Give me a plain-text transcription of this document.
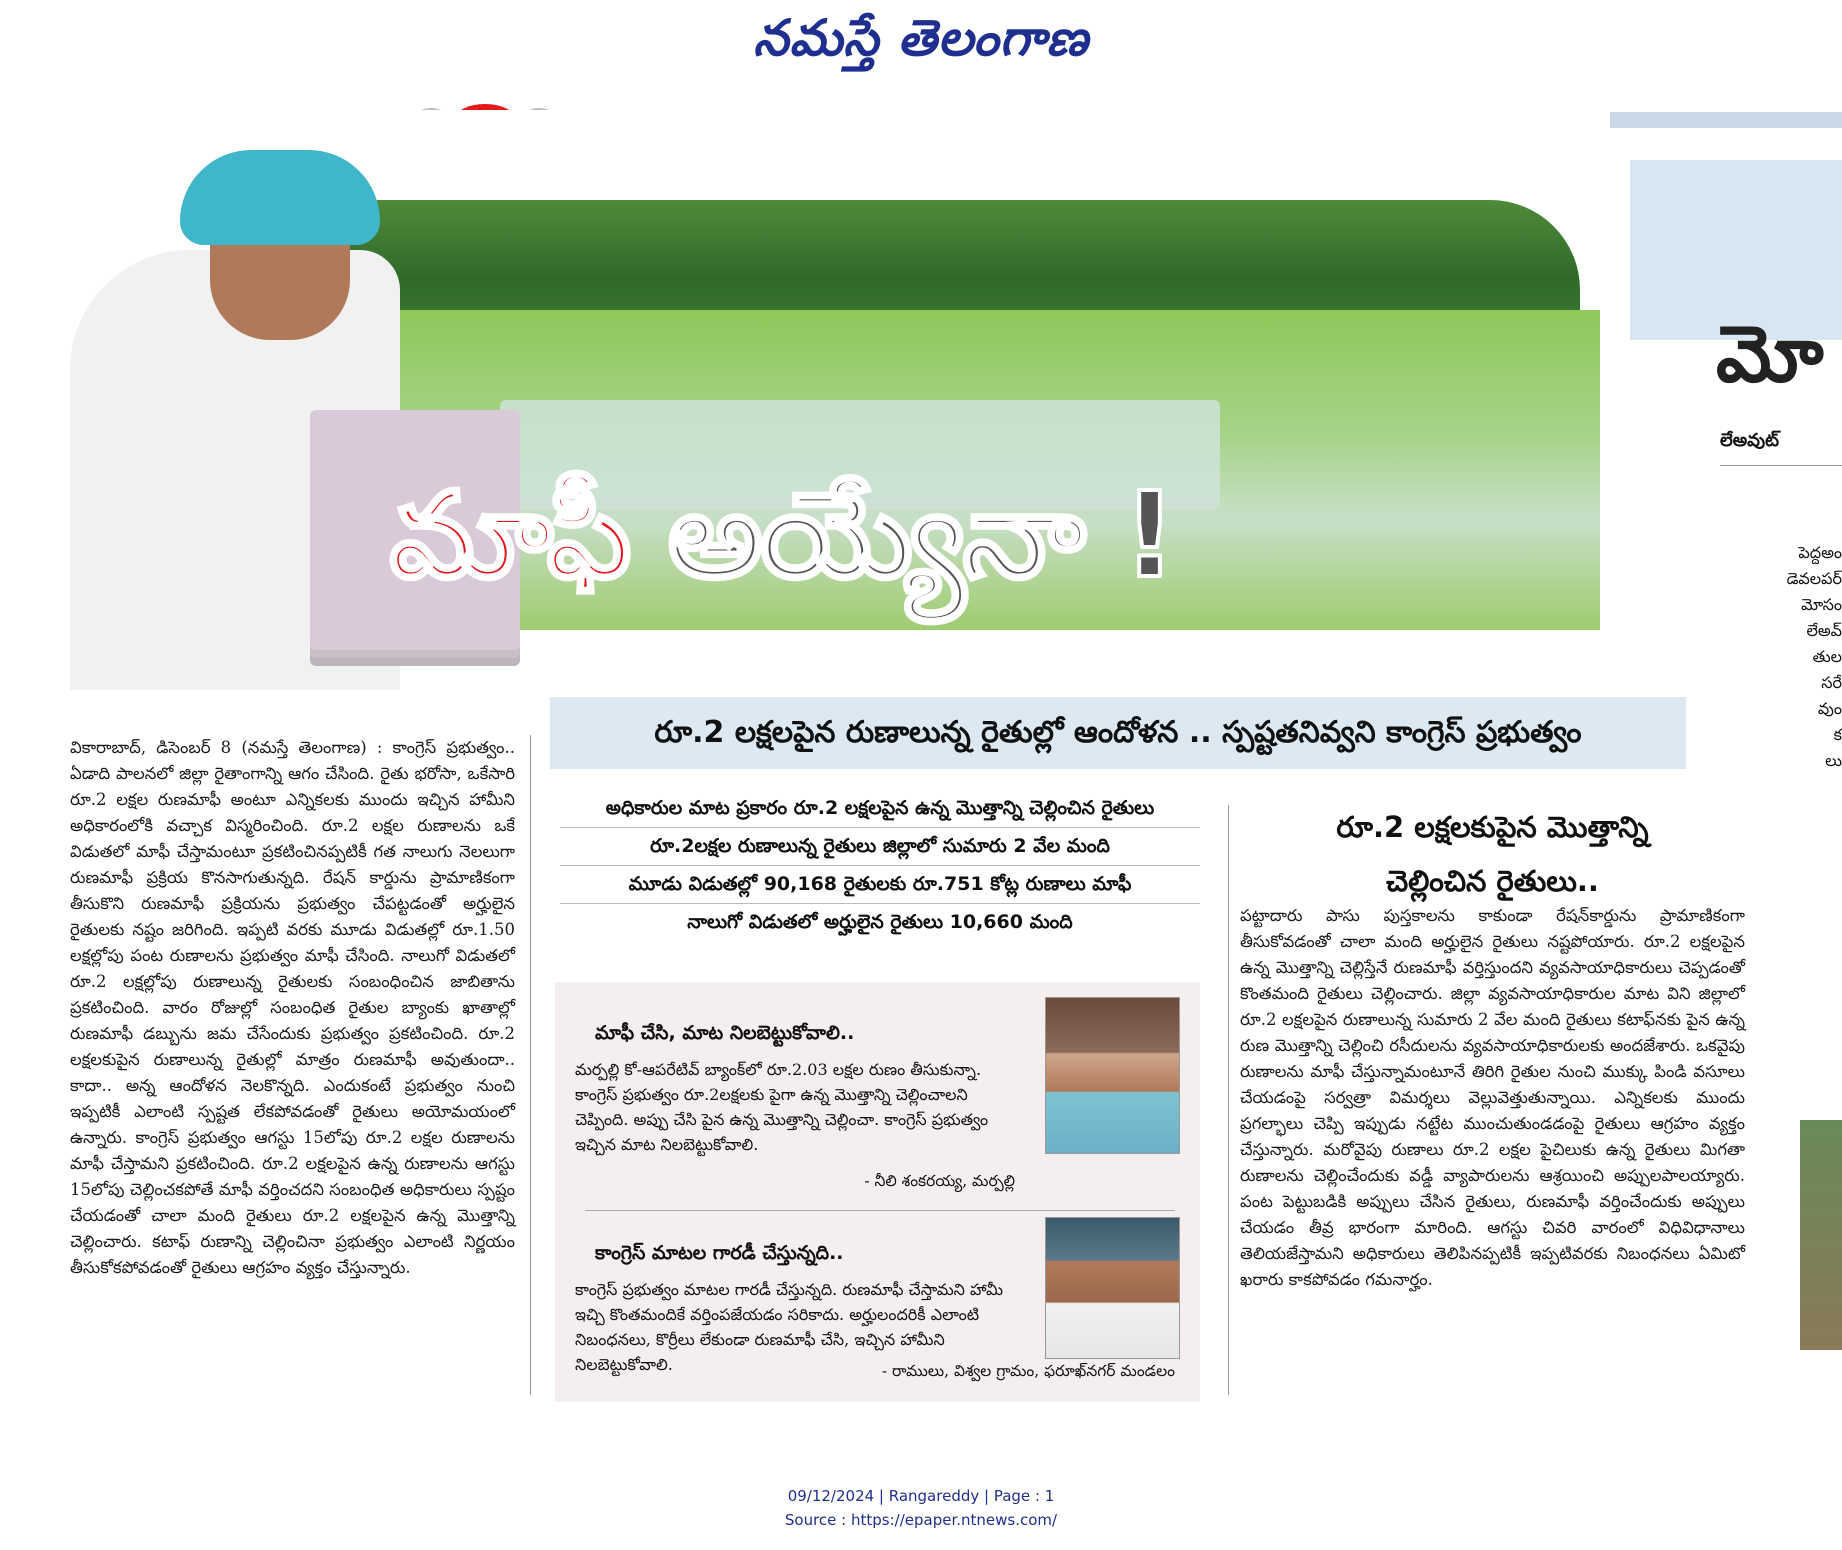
నమస్తే తెలంగాణ
మాఫీ అయ్యేనా !
రూ.2 లక్షలపైన రుణాలున్న రైతుల్లో ఆందోళన .. స్పష్టతనివ్వని కాంగ్రెస్ ప్రభుత్వం
వికారాబాద్, డిసెంబర్ 8 (నమస్తే తెలంగాణ) : కాంగ్రెస్ ప్రభుత్వం.. ఏడాది పాలనలో జిల్లా రైతాంగాన్ని ఆగం చేసింది. రైతు భరోసా, ఒకేసారి రూ.2 లక్షల రుణమాఫీ అంటూ ఎన్నికలకు ముందు ఇచ్చిన హామీని అధికారంలోకి వచ్చాక విస్మరించింది. రూ.2 లక్షల రుణాలను ఒకే విడుతలో మాఫీ చేస్తామంటూ ప్రకటించినప్పటికీ గత నాలుగు నెలలుగా రుణమాఫీ ప్రక్రియ కొనసాగుతున్నది. రేషన్ కార్డును ప్రామాణికంగా తీసుకొని రుణమాఫీ ప్రక్రియను ప్రభుత్వం చేపట్టడంతో అర్హులైన రైతులకు నష్టం జరిగింది. ఇప్పటి వరకు మూడు విడుతల్లో రూ.1.50 లక్షల్లోపు పంట రుణాలను ప్రభుత్వం మాఫీ చేసింది. నాలుగో విడుతలో రూ.2 లక్షల్లోపు రుణాలున్న రైతులకు సంబంధించిన జాబితాను ప్రకటించింది. వారం రోజుల్లో సంబంధిత రైతుల బ్యాంకు ఖాతాల్లో రుణమాఫీ డబ్బును జమ చేసేందుకు ప్రభుత్వం ప్రకటించింది. రూ.2 లక్షలకుపైన రుణాలున్న రైతుల్లో మాత్రం రుణమాఫీ అవుతుందా.. కాదా.. అన్న ఆందోళన నెలకొన్నది. ఎందుకంటే ప్రభుత్వం నుంచి ఇప్పటికీ ఎలాంటి స్పష్టత లేకపోవడంతో రైతులు అయోమయంలో ఉన్నారు. కాంగ్రెస్ ప్రభుత్వం ఆగస్టు 15లోపు రూ.2 లక్షల రుణాలను మాఫీ చేస్తామని ప్రకటించింది. రూ.2 లక్షలపైన ఉన్న రుణాలను ఆగస్టు 15లోపు చెల్లించకపోతే మాఫీ వర్తించదని సంబంధిత అధికారులు స్పష్టం చేయడంతో చాలా మంది రైతులు రూ.2 లక్షలపైన ఉన్న మొత్తాన్ని చెల్లించారు. కటాఫ్ రుణాన్ని చెల్లించినా ప్రభుత్వం ఎలాంటి నిర్ణయం తీసుకోకపోవడంతో రైతులు ఆగ్రహం వ్యక్తం చేస్తున్నారు.
అధికారుల మాట ప్రకారం రూ.2 లక్షలపైన ఉన్న మొత్తాన్ని చెల్లించిన రైతులు
రూ.2లక్షల రుణాలున్న రైతులు జిల్లాలో సుమారు 2 వేల మంది
మూడు విడుతల్లో 90,168 రైతులకు రూ.751 కోట్ల రుణాలు మాఫీ
నాలుగో విడుతలో అర్హులైన రైతులు 10,660 మంది
మాఫీ చేసి, మాట నిలబెట్టుకోవాలి..
మర్పల్లి కో-ఆపరేటివ్ బ్యాంక్‌లో రూ.2.03 లక్షల రుణం తీసుకున్నా. కాంగ్రెస్ ప్రభుత్వం రూ.2లక్షలకు పైగా ఉన్న మొత్తాన్ని చెల్లించాలని చెప్పింది. అప్పు చేసి పైన ఉన్న మొత్తాన్ని చెల్లించా. కాంగ్రెస్ ప్రభుత్వం ఇచ్చిన మాట నిలబెట్టుకోవాలి.
- నీలి శంకరయ్య, మర్పల్లి
కాంగ్రెస్ మాటల గారడీ చేస్తున్నది..
కాంగ్రెస్ ప్రభుత్వం మాటల గారడీ చేస్తున్నది. రుణమాఫీ చేస్తామని హామీ ఇచ్చి కొంతమందికే వర్తింపజేయడం సరికాదు. అర్హులందరికీ ఎలాంటి నిబంధనలు, కొర్రీలు లేకుండా రుణమాఫీ చేసి, ఇచ్చిన హామీని నిలబెట్టుకోవాలి.	- రాములు, విశ్వల గ్రామం, ఫరూఖ్‌నగర్ మండలం
రూ.2 లక్షలకుపైన మొత్తాన్ని
చెల్లించిన రైతులు..
పట్టాదారు పాసు పుస్తకాలను కాకుండా రేషన్‌కార్డును ప్రామాణికంగా తీసుకోవడంతో చాలా మంది అర్హులైన రైతులు నష్టపోయారు. రూ.2 లక్షలపైన ఉన్న మొత్తాన్ని చెల్లిస్తేనే రుణమాఫీ వర్తిస్తుందని వ్యవసాయాధికారులు చెప్పడంతో కొంతమంది రైతులు చెల్లించారు. జిల్లా వ్యవసాయాధికారుల మాట విని జిల్లాలో రూ.2 లక్షలపైన రుణాలున్న సుమారు 2 వేల మంది రైతులు కటాఫ్‌నకు పైన ఉన్న రుణ మొత్తాన్ని చెల్లించి రసీదులను వ్యవసాయాధికారులకు అందజేశారు. ఒకవైపు రుణాలను మాఫీ చేస్తున్నామంటూనే తిరిగి రైతుల నుంచి ముక్కు పిండి వసూలు చేయడంపై సర్వత్రా విమర్శలు వెల్లువెత్తుతున్నాయి. ఎన్నికలకు ముందు ప్రగల్భాలు చెప్పి ఇప్పుడు నట్టేట ముంచుతుండడంపై రైతులు ఆగ్రహం వ్యక్తం చేస్తున్నారు. మరోవైపు రుణాలు రూ.2 లక్షల పైచిలుకు ఉన్న రైతులు మిగతా రుణాలను చెల్లించేందుకు వడ్డీ వ్యాపారులను ఆశ్రయించి అప్పులపాలయ్యారు. పంట పెట్టుబడికి అప్పులు చేసిన రైతులు, రుణమాఫీ వర్తించేందుకు అప్పులు చేయడం తీవ్ర భారంగా మారింది. ఆగస్టు చివరి వారంలో విధివిధానాలు తెలియజేస్తామని అధికారులు తెలిపినప్పటికీ ఇప్పటివరకు నిబంధనలు ఏమిటో ఖరారు కాకపోవడం గమనార్హం.
మో
లేఅవుట్
పెద్దఅం
డెవలపర్
మోసం
లేఅవ్
తుల
సరే
వుం
క
లు
09/12/2024 | Rangareddy | Page : 1
Source : https://epaper.ntnews.com/
